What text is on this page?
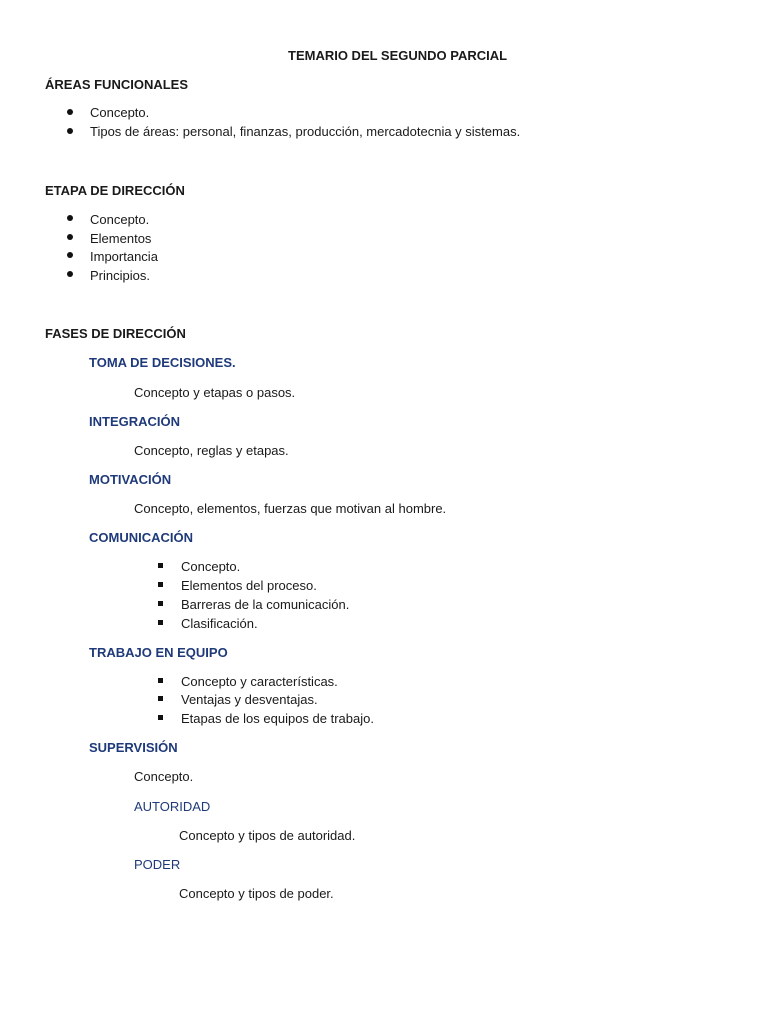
TEMARIO DEL SEGUNDO PARCIAL
ÁREAS FUNCIONALES
Concepto.
Tipos de áreas: personal, finanzas, producción, mercadotecnia y sistemas.
ETAPA DE DIRECCIÓN
Concepto.
Elementos
Importancia
Principios.
FASES DE DIRECCIÓN
TOMA DE DECISIONES.
Concepto y etapas o pasos.
INTEGRACIÓN
Concepto, reglas y etapas.
MOTIVACIÓN
Concepto, elementos, fuerzas que motivan al hombre.
COMUNICACIÓN
Concepto.
Elementos del proceso.
Barreras de la comunicación.
Clasificación.
TRABAJO EN EQUIPO
Concepto y características.
Ventajas y desventajas.
Etapas de los equipos de trabajo.
SUPERVISIÓN
Concepto.
AUTORIDAD
Concepto y tipos de autoridad.
PODER
Concepto y tipos de poder.
